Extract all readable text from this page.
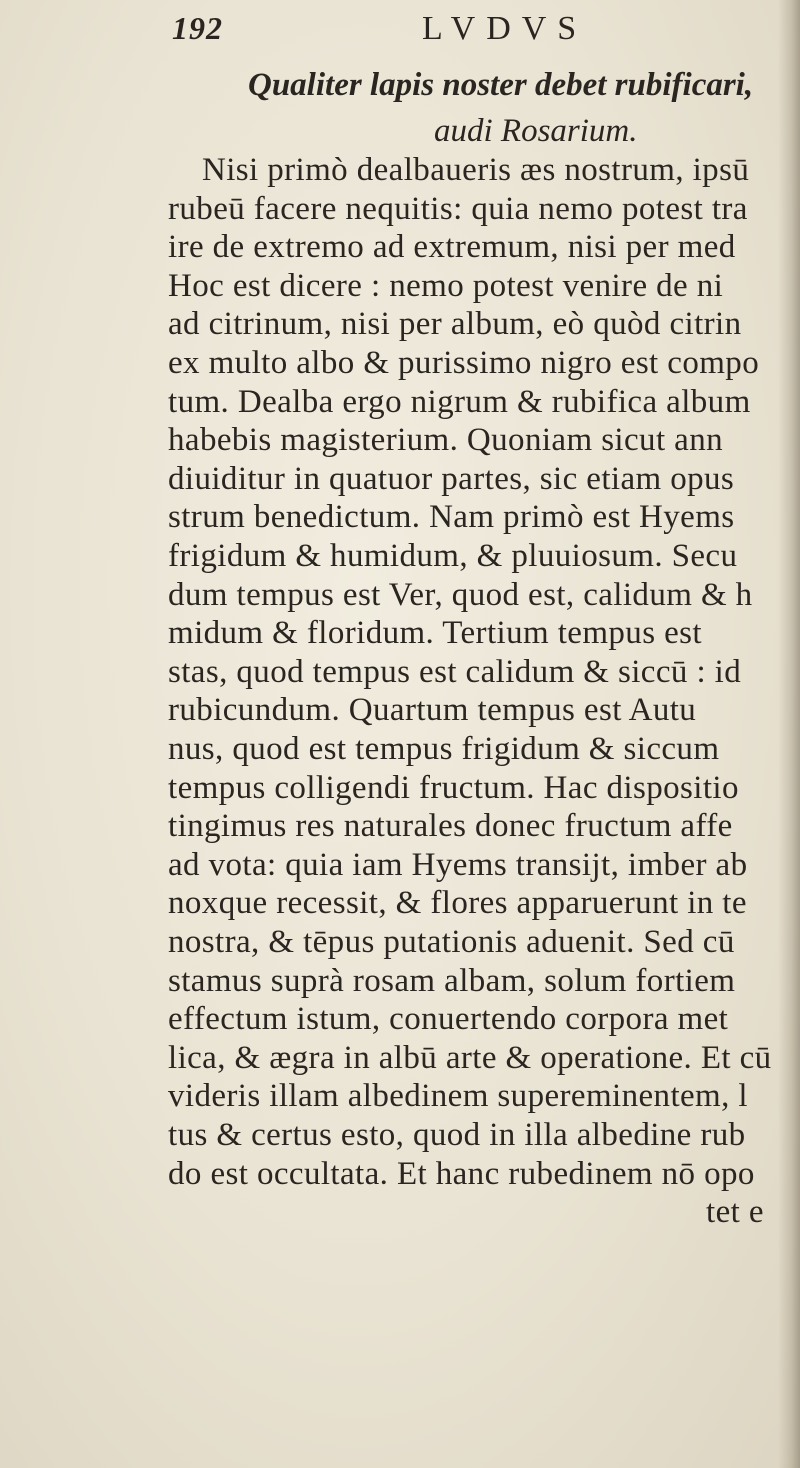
192	LVDVS
Qualiter lapis noster debet rubificari,
audi Rosarium.
Nisi primò dealbaueris æs nostrum, ipsū
rubeū facere nequitis: quia nemo potest tra
ire de extremo ad extremum, nisi per med
Hoc est dicere : nemo potest venire de ni
ad citrinum, nisi per album, eò quòd citrin
ex multo albo & purissimo nigro est compo
tum. Dealba ergo nigrum & rubifica album
habebis magisterium. Quoniam sicut ann
diuiditur in quatuor partes, sic etiam opus
strum benedictum. Nam primò est Hyems
frigidum & humidum, & pluuiosum. Secu
dum tempus est Ver, quod est, calidum & h
midum & floridum. Tertium tempus est
stas, quod tempus est calidum & siccū : id
rubicundum. Quartum tempus est Autu
nus, quod est tempus frigidum & siccum
tempus colligendi fructum. Hac dispositio
tingimus res naturales donec fructum affe
ad vota: quia iam Hyems transijt, imber ab
noxque recessit, & flores apparuerunt in te
nostra, & tēpus putationis aduenit. Sed cū
stamus suprà rosam albam, solum fortiem
effectum istum, conuertendo corpora met
lica, & ægra in albū arte & operatione. Et cū
videris illam albedinem supereminentem, l
tus & certus esto, quod in illa albedine rub
do est occultata. Et hanc rubedinem nō opo
tet e
